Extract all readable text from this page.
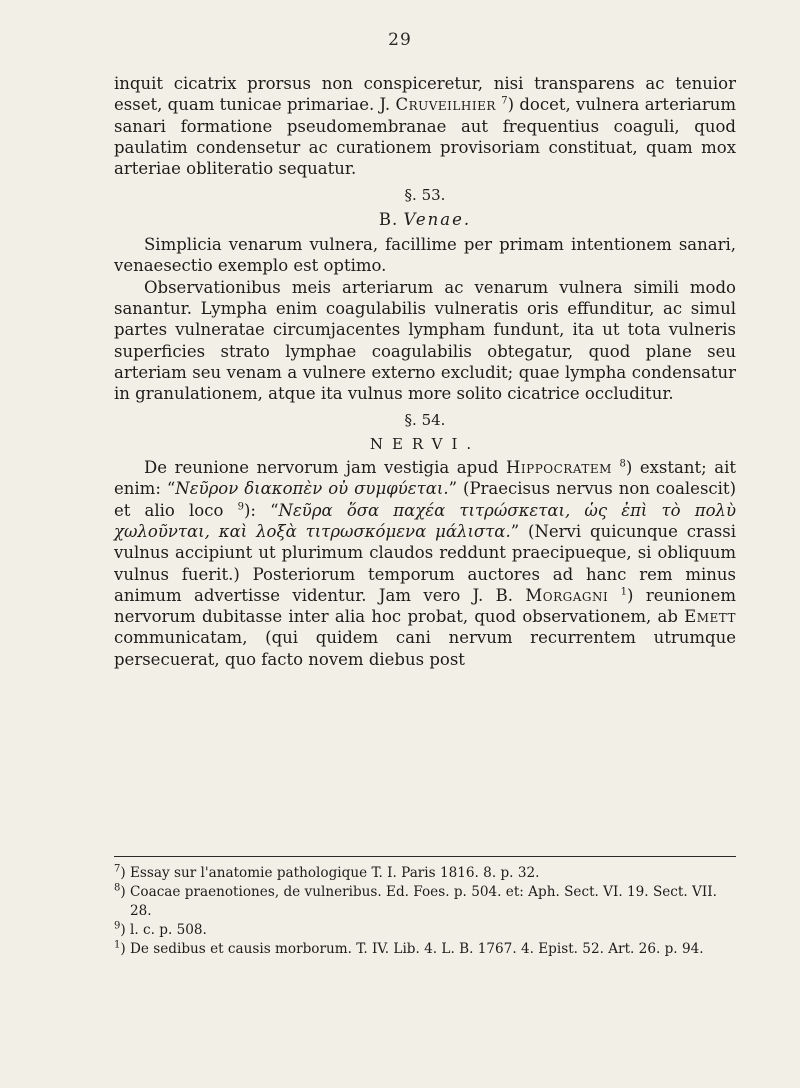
29

inquit cicatrix prorsus non conspiceretur, nisi transparens ac tenuior esset, quam tunicae primariae. J. Cruveilhier $^7$) docet, vulnera arteriarum sanari formatione pseudomembranae aut frequentius coaguli, quod paulatim condensetur ac curationem provisoriam constituat, quam mox arteriae obliteratio sequatur.

§. 53.

B. Venae.

Simplicia venarum vulnera, facillime per primam intentionem sanari, venaesectio exemplo est optimo.

Observationibus meis arteriarum ac venarum vulnera simili modo sanantur. Lympha enim coagulabilis vulneratis oris effunditur, ac simul partes vulneratae circumjacentes lympham fundunt, ita ut tota vulneris superficies strato lymphae coagulabilis obtegatur, quod plane seu arteriam seu venam a vulnere externo excludit; quae lympha condensatur in granulationem, atque ita vulnus more solito cicatrice occluditur.

§. 54.

NERVI.

De reunione nervorum jam vestigia apud Hippocratem $^8$) exstant; ait enim: “Νεῦρον διακοπὲν οὐ συμφύεται.” (Praecisus nervus non coalescit) et alio loco $^9$): “Νεῦρα ὅσα παχέα τιτρώσκεται, ὡς ἐπὶ τὸ πολὺ χωλοῦνται, καὶ λοξὰ τιτρωσκόμενα μάλιστα.” (Nervi quicunque crassi vulnus accipiunt ut plurimum claudos reddunt praecipueque, si obliquum vulnus fuerit.) Posteriorum temporum auctores ad hanc rem minus animum advertisse videntur. Jam vero J. B. Morgagni $^1$) reunionem nervorum dubitasse inter alia hoc probat, quod observationem, ab Emett communicatam, (qui quidem cani nervum recurrentem utrumque persecuerat, quo facto novem diebus post

$^7$) Essay sur l'anatomie pathologique T. I. Paris 1816. 8. p. 32.

$^8$) Coacae praenotiones, de vulneribus. Ed. Foes. p. 504. et: Aph. Sect. VI. 19. Sect. VII. 28.

$^9$) l. c. p. 508.

$^1$) De sedibus et causis morborum. T. IV. Lib. 4. L. B. 1767. 4. Epist. 52. Art. 26. p. 94.
